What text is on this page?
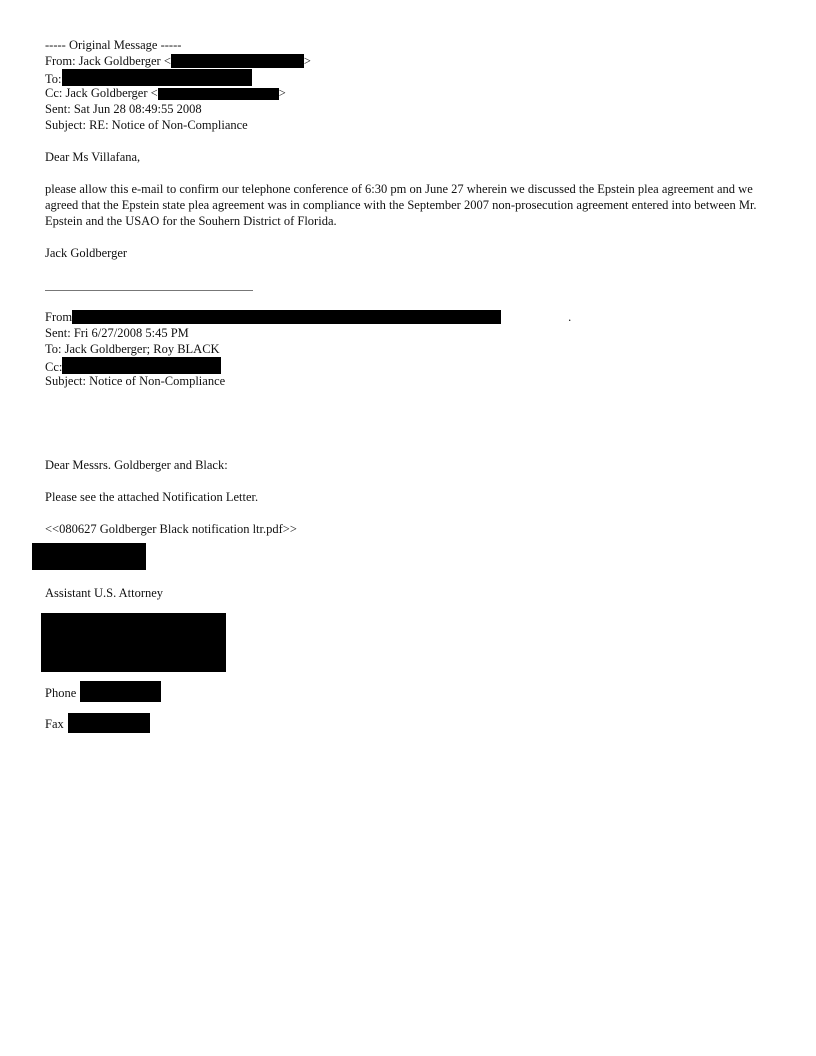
----- Original Message -----
From: Jack Goldberger <	>
To:
Cc: Jack Goldberger <	>
Sent: Sat Jun 28 08:49:55 2008
Subject: RE: Notice of Non-Compliance
Dear Ms Villafana,
please allow this e-mail to confirm our telephone conference of 6:30 pm on June 27 wherein we discussed the Epstein plea agreement and we agreed that the Epstein state plea agreement was in compliance with the September 2007 non-prosecution agreement entered into between Mr. Epstein and the USAO for the Souhern District of Florida.
Jack Goldberger
From	.
Sent: Fri 6/27/2008 5:45 PM
To: Jack Goldberger; Roy BLACK
Cc:
Subject: Notice of Non-Compliance
Dear Messrs. Goldberger and Black:
Please see the attached Notification Letter.
<<080627 Goldberger Black notification ltr.pdf>>
Assistant U.S. Attorney
Phone
Fax
